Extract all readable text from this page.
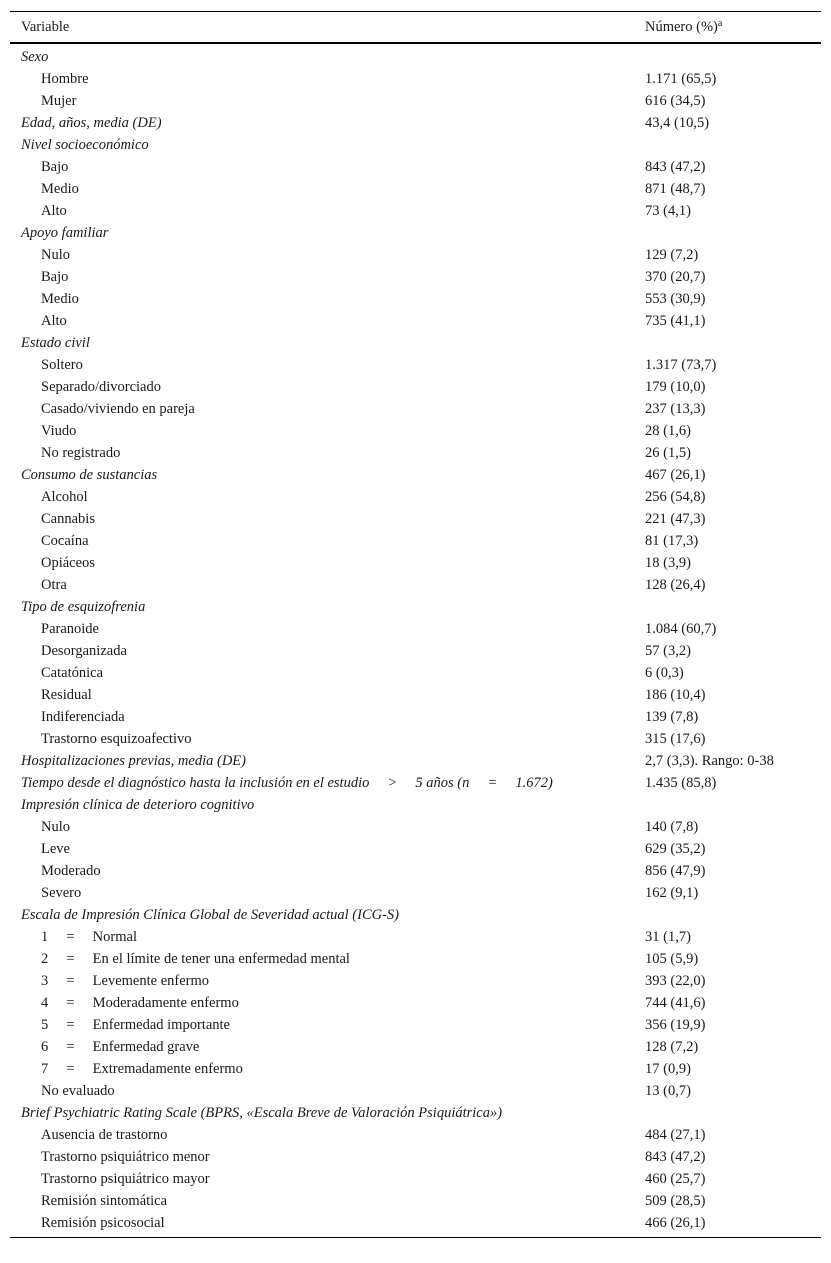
Variable	Número (%)$^a$
Sexo
Hombre	1.171 (65,5)
Mujer	616 (34,5)
Edad, años, media (DE)	43,4 (10,5)
Nivel socioeconómico
Bajo	843 (47,2)
Medio	871 (48,7)
Alto	73 (4,1)
Apoyo familiar
Nulo	129 (7,2)
Bajo	370 (20,7)
Medio	553 (30,9)
Alto	735 (41,1)
Estado civil
Soltero	1.317 (73,7)
Separado/divorciado	179 (10,0)
Casado/viviendo en pareja	237 (13,3)
Viudo	28 (1,6)
No registrado	26 (1,5)
Consumo de sustancias	467 (26,1)
Alcohol	256 (54,8)
Cannabis	221 (47,3)
Cocaína	81 (17,3)
Opiáceos	18 (3,9)
Otra	128 (26,4)
Tipo de esquizofrenia
Paranoide	1.084 (60,7)
Desorganizada	57 (3,2)
Catatónica	6 (0,3)
Residual	186 (10,4)
Indiferenciada	139 (7,8)
Trastorno esquizoafectivo	315 (17,6)
Hospitalizaciones previas, media (DE)	2,7 (3,3). Rango: 0-38
Tiempo desde el diagnóstico hasta la inclusión en el estudio  >  5 años (n  =  1.672)	1.435 (85,8)
Impresión clínica de deterioro cognitivo
Nulo	140 (7,8)
Leve	629 (35,2)
Moderado	856 (47,9)
Severo	162 (9,1)
Escala de Impresión Clínica Global de Severidad actual (ICG-S)
1  =  Normal	31 (1,7)
2  =  En el límite de tener una enfermedad mental	105 (5,9)
3  =  Levemente enfermo	393 (22,0)
4  =  Moderadamente enfermo	744 (41,6)
5  =  Enfermedad importante	356 (19,9)
6  =  Enfermedad grave	128 (7,2)
7  =  Extremadamente enfermo	17 (0,9)
No evaluado	13 (0,7)
Brief Psychiatric Rating Scale (BPRS, «Escala Breve de Valoración Psiquiátrica»)
Ausencia de trastorno	484 (27,1)
Trastorno psiquiátrico menor	843 (47,2)
Trastorno psiquiátrico mayor	460 (25,7)
Remisión sintomática	509 (28,5)
Remisión psicosocial	466 (26,1)
